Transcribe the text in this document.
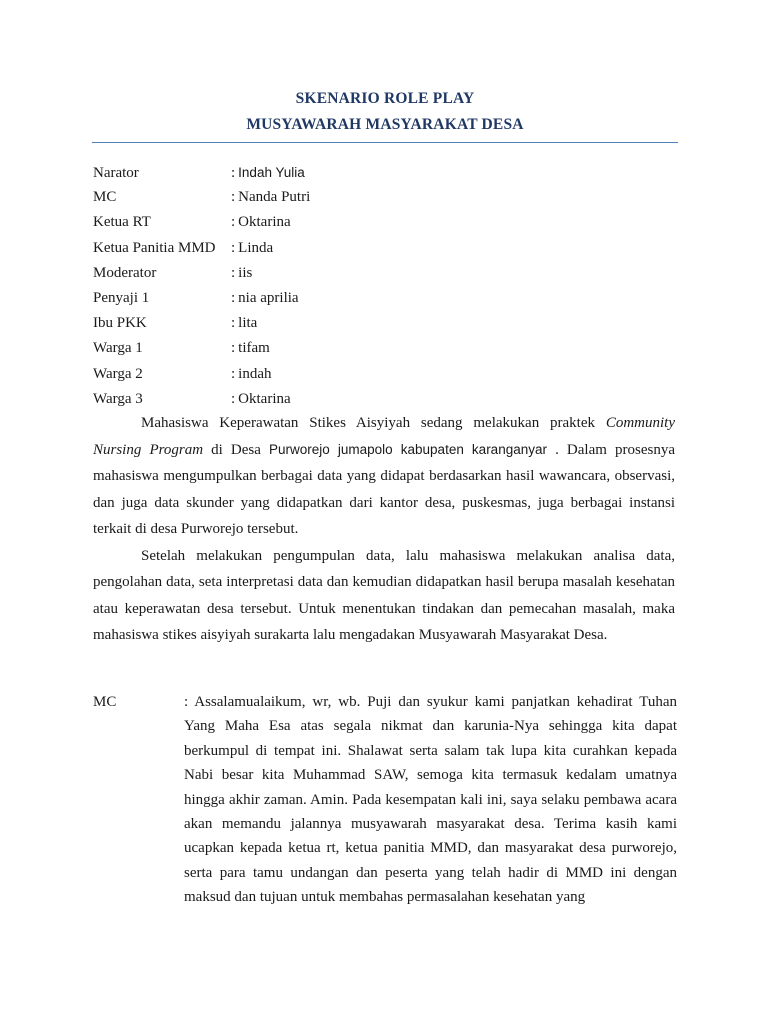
SKENARIO ROLE PLAY
MUSYAWARAH MASYARAKAT DESA
Narator	: Indah Yulia
MC	: Nanda Putri
Ketua RT	: Oktarina
Ketua Panitia MMD : Linda
Moderator	: iis
Penyaji 1	: nia aprilia
Ibu PKK	: lita
Warga 1	: tifam
Warga 2	: indah
Warga 3	: Oktarina

Mahasiswa Keperawatan Stikes Aisyiyah sedang melakukan praktek Community Nursing Program di Desa Purworejo jumapolo kabupaten karanganyar . Dalam prosesnya mahasiswa mengumpulkan berbagai data yang didapat berdasarkan hasil wawancara, observasi, dan juga data skunder yang didapatkan dari kantor desa, puskesmas, juga berbagai instansi terkait di desa Purworejo tersebut.

Setelah melakukan pengumpulan data, lalu mahasiswa melakukan analisa data, pengolahan data, seta interpretasi data dan kemudian didapatkan hasil berupa masalah kesehatan atau keperawatan desa tersebut. Untuk menentukan tindakan dan pemecahan masalah, maka mahasiswa stikes aisyiyah surakarta lalu mengadakan Musyawarah Masyarakat Desa.

MC	: Assalamualaikum, wr, wb. Puji dan syukur kami panjatkan kehadirat Tuhan Yang Maha Esa atas segala nikmat dan karunia-Nya sehingga kita dapat berkumpul di tempat ini. Shalawat serta salam tak lupa kita curahkan kepada Nabi besar kita Muhammad SAW, semoga kita termasuk kedalam umatnya hingga akhir zaman. Amin. Pada kesempatan kali ini, saya selaku pembawa acara akan memandu jalannya musyawarah masyarakat desa. Terima kasih kami ucapkan kepada ketua rt, ketua panitia MMD, dan masyarakat desa purworejo, serta para tamu undangan dan peserta yang telah hadir di MMD ini dengan maksud dan tujuan untuk membahas permasalahan kesehatan yang
